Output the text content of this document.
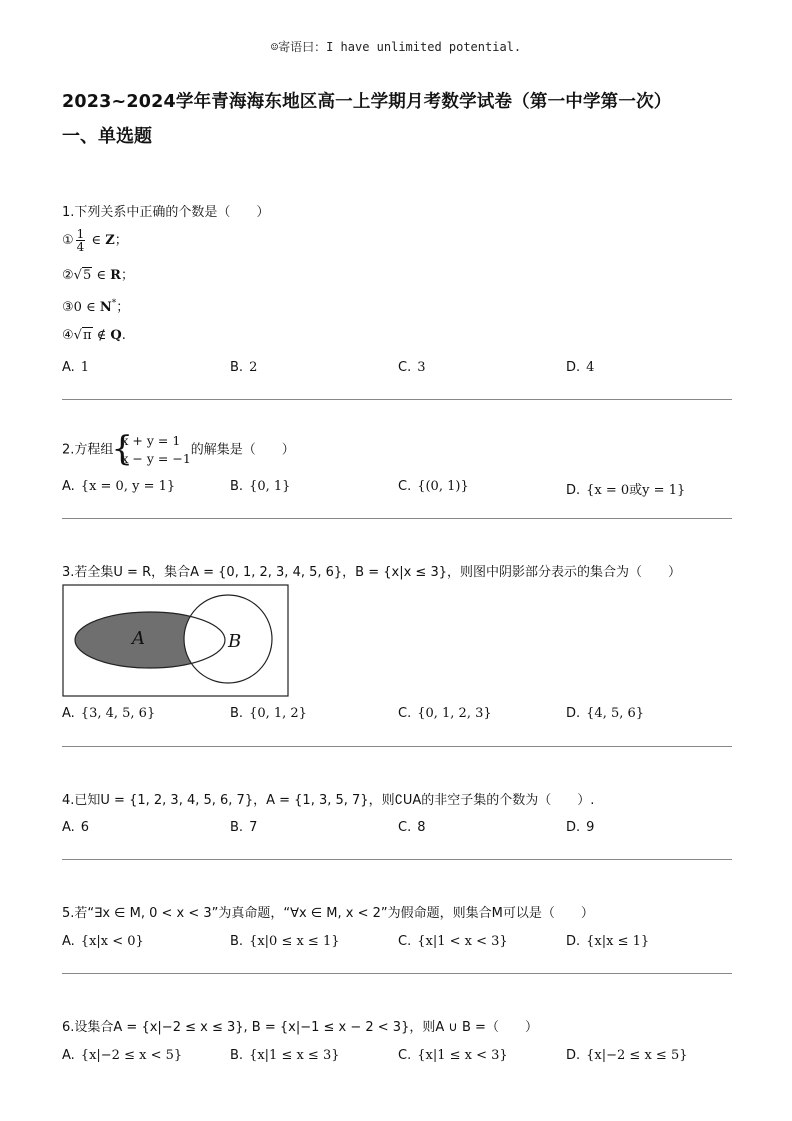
☺寄语曰：I have unlimited potential.
2023~2024学年青海海东地区高一上学期月考数学试卷（第一中学第一次）
一、单选题
1.下列关系中正确的个数是（　　）
① $\frac{1}{4}$ ∈ Z；
②√5 ∈ R；
③0 ∈ N*；
④√π ∉ Q.
A. 1	B. 2	C. 3	D. 4
2.方程组
{
x + y = 1
x − y = −1
的解集是（　　）
A. {x = 0, y = 1}	B. {0, 1}	C. {(0, 1)}	D. {x = 0或y = 1}
3.若全集U = R，集合A = {0, 1, 2, 3, 4, 5, 6}，B = {x|x ≤ 3}，则图中阴影部分表示的集合为（　　）
A	B
A. {3, 4, 5, 6}	B. {0, 1, 2}	C. {0, 1, 2, 3}	D. {4, 5, 6}
4.已知U = {1, 2, 3, 4, 5, 6, 7}，A = {1, 3, 5, 7}，则∁UA的非空子集的个数为（　　）.
A. 6	B. 7	C. 8	D. 9
5.若“∃x ∈ M, 0 < x < 3”为真命题，“∀x ∈ M, x < 2”为假命题，则集合M可以是（　　）
A. {x|x < 0}	B. {x|0 ≤ x ≤ 1}	C. {x|1 < x < 3}	D. {x|x ≤ 1}
6.设集合A = {x|−2 ≤ x ≤ 3}, B = {x|−1 ≤ x − 2 < 3}，则A ∪ B =（　　）
A. {x|−2 ≤ x < 5}	B. {x|1 ≤ x ≤ 3}	C. {x|1 ≤ x < 3}	D. {x|−2 ≤ x ≤ 5}
